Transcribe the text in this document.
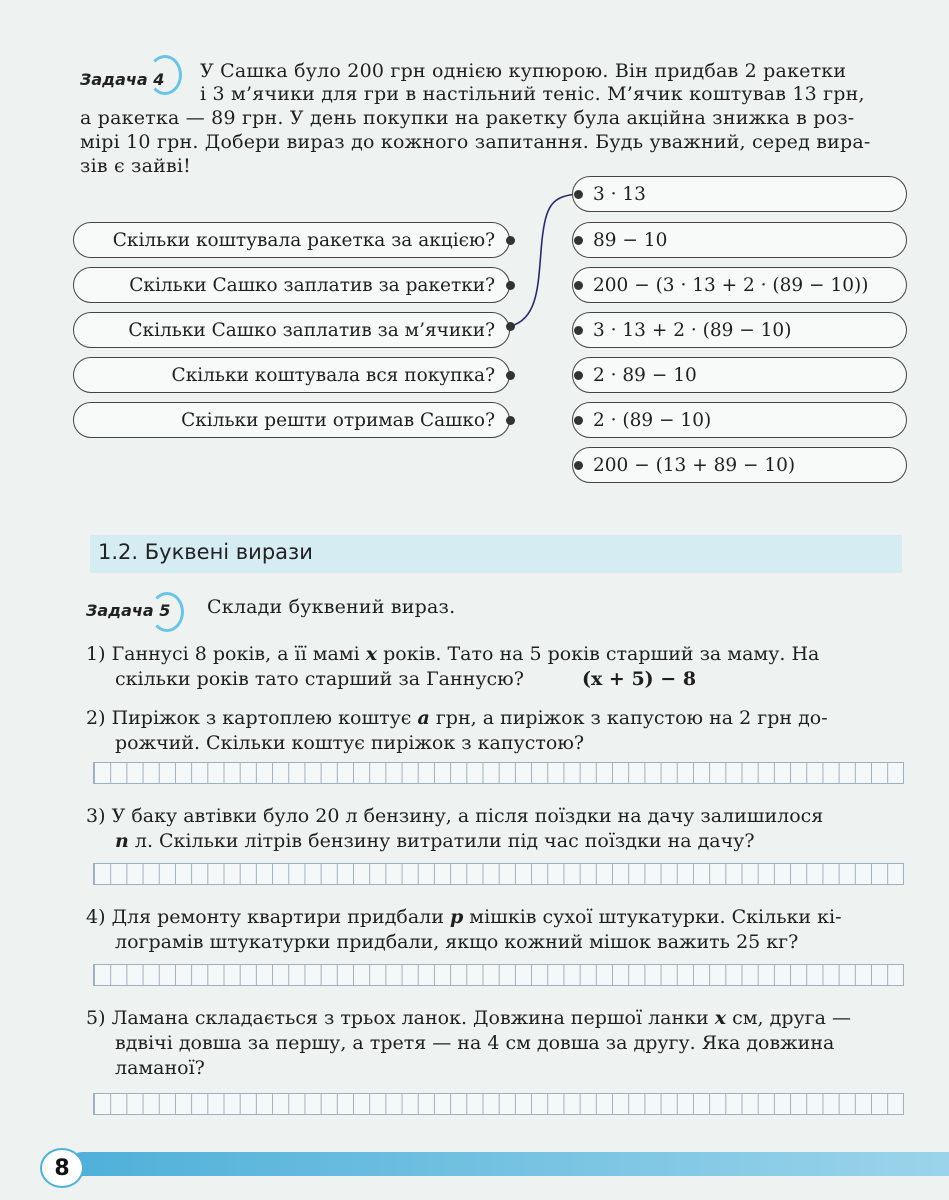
Задача 4 У Сашка було 200 грн однією купюрою. Він придбав 2 ракетки
і 3 м’ячики для гри в настільний теніс. М’ячик коштував 13 грн,
а ракетка — 89 грн. У день покупки на ракетку була акційна знижка в роз-
мірі 10 грн. Добери вираз до кожного запитання. Будь уважний, серед вира-
зів є зайві!
Скільки коштувала ракетка за акцією?
Скільки Сашко заплатив за ракетки?
Скільки Сашко заплатив за м’ячики?
Скільки коштувала вся покупка?
Скільки решти отримав Сашко?
3 · 13
89 − 10
200 − (3 · 13 + 2 · (89 − 10))
3 · 13 + 2 · (89 − 10)
2 · 89 − 10
2 · (89 − 10)
200 − (13 + 89 − 10)
1.2. Буквені вирази
Задача 5 Склади буквений вираз.
1) Ганнусі 8 років, а її мамі x років. Тато на 5 років старший за маму. На
скільки років тато старший за Ганнусю?	(x + 5) − 8
2) Пиріжок з картоплею коштує a грн, а пиріжок з капустою на 2 грн до-
рожчий. Скільки коштує пиріжок з капустою?
3) У баку автівки було 20 л бензину, а після поїздки на дачу залишилося
n л. Скільки літрів бензину витратили під час поїздки на дачу?
4) Для ремонту квартири придбали p мішків сухої штукатурки. Скільки кі-
лограмів штукатурки придбали, якщо кожний мішок важить 25 кг?
5) Ламана складається з трьох ланок. Довжина першої ланки x см, друга —
вдвічі довша за першу, а третя — на 4 см довша за другу. Яка довжина
ламаної?
8
